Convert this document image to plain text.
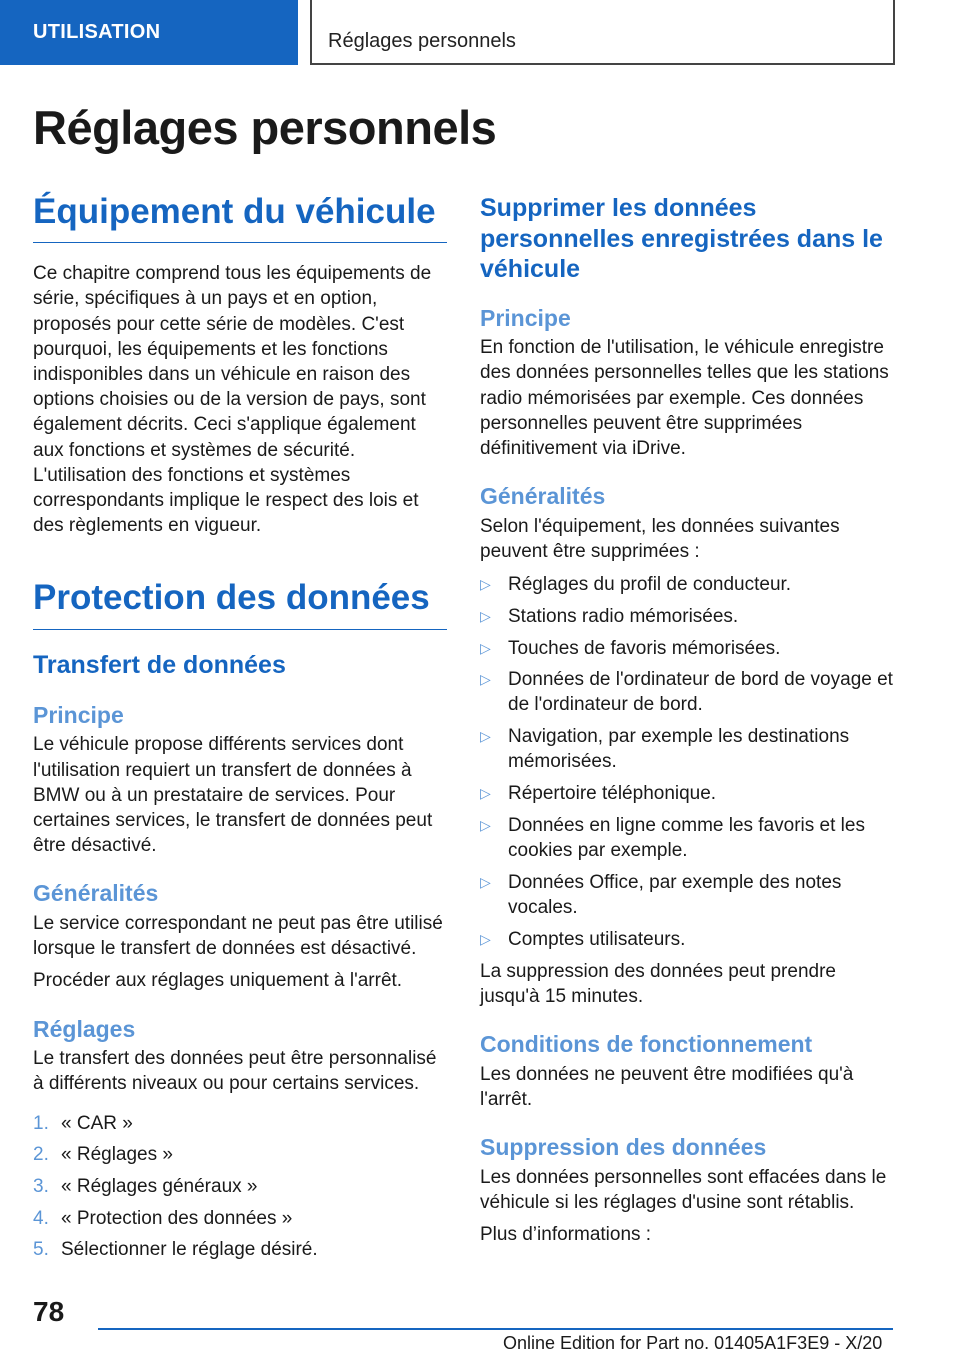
UTILISATION	Réglages personnels
Réglages personnels
Équipement du véhicule

Ce chapitre comprend tous les équipements de série, spécifiques à un pays et en option, proposés pour cette série de modèles. C'est pourquoi, les équipements et les fonctions indisponibles dans un véhicule en raison des options choisies ou de la version de pays, sont également décrits. Ceci s'applique également aux fonctions et systèmes de sécurité. L'utilisation des fonctions et systèmes correspondants implique le respect des lois et des règlements en vigueur.

Protection des données
Transfert de données
Principe

Le véhicule propose différents services dont l'utilisation requiert un transfert de données à BMW ou à un prestataire de services. Pour certaines services, le transfert de données peut être désactivé.

Généralités

Le service correspondant ne peut pas être utilisé lorsque le transfert de données est désactivé.

Procéder aux réglages uniquement à l'arrêt.

Réglages

Le transfert des données peut être personnalisé à différents niveaux ou pour certains services.

1. « CAR »
2. « Réglages »
3. « Réglages généraux »
4. « Protection des données »
5. Sélectionner le réglage désiré.
Supprimer les données personnelles enregistrées dans le véhicule
Principe

En fonction de l'utilisation, le véhicule enregistre des données personnelles telles que les stations radio mémorisées par exemple. Ces données personnelles peuvent être supprimées définitivement via iDrive.

Généralités

Selon l'équipement, les données suivantes peuvent être supprimées :

▷ Réglages du profil de conducteur.
▷ Stations radio mémorisées.
▷ Touches de favoris mémorisées.
▷ Données de l'ordinateur de bord de voyage et de l'ordinateur de bord.
▷ Navigation, par exemple les destinations mémorisées.
▷ Répertoire téléphonique.
▷ Données en ligne comme les favoris et les cookies par exemple.
▷ Données Office, par exemple des notes vocales.
▷ Comptes utilisateurs.

La suppression des données peut prendre jusqu'à 15 minutes.

Conditions de fonctionnement

Les données ne peuvent être modifiées qu'à l'arrêt.

Suppression des données

Les données personnelles sont effacées dans le véhicule si les réglages d'usine sont rétablis.

Plus d’informations :

78
Online Edition for Part no. 01405A1F3E9 - X/20
